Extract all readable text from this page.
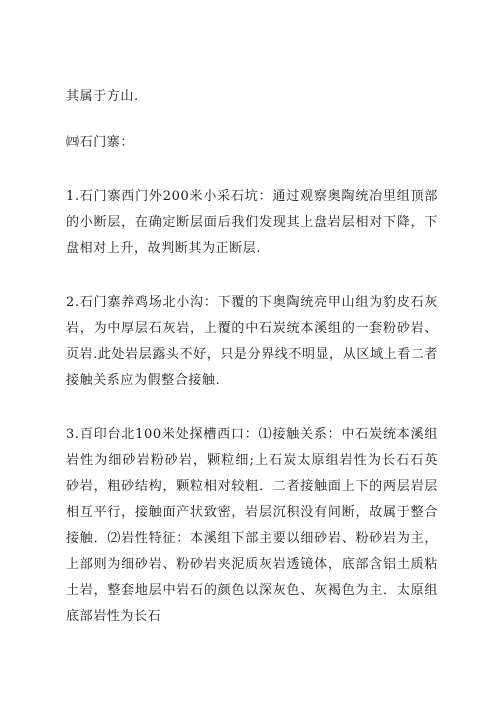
其属于方山.

㈣石门寨：

1.石门寨西门外200米小采石坑：通过观察奥陶统冶里组顶部的小断层，在确定断层面后我们发现其上盘岩层相对下降，下盘相对上升，故判断其为正断层.

2.石门寨养鸡场北小沟：下覆的下奥陶统亮甲山组为豹皮石灰岩，为中厚层石灰岩，上覆的中石炭统本溪组的一套粉砂岩、页岩.此处岩层露头不好，只是分界线不明显，从区域上看二者接触关系应为假整合接触.

3.百印台北100米处探槽西口：⑴接触关系：中石炭统本溪组岩性为细砂岩粉砂岩，颗粒细;上石炭太原组岩性为长石石英砂岩，粗砂结构，颗粒相对较粗．二者接触面上下的两层岩层相互平行，接触面产状致密，岩层沉积没有间断，故属于整合接触．⑵岩性特征：本溪组下部主要以细砂岩、粉砂岩为主，上部则为细砂岩、粉砂岩夹泥质灰岩透镜体，底部含铝土质粘土岩，整套地层中岩石的颜色以深灰色、灰褐色为主．太原组底部岩性为长石
